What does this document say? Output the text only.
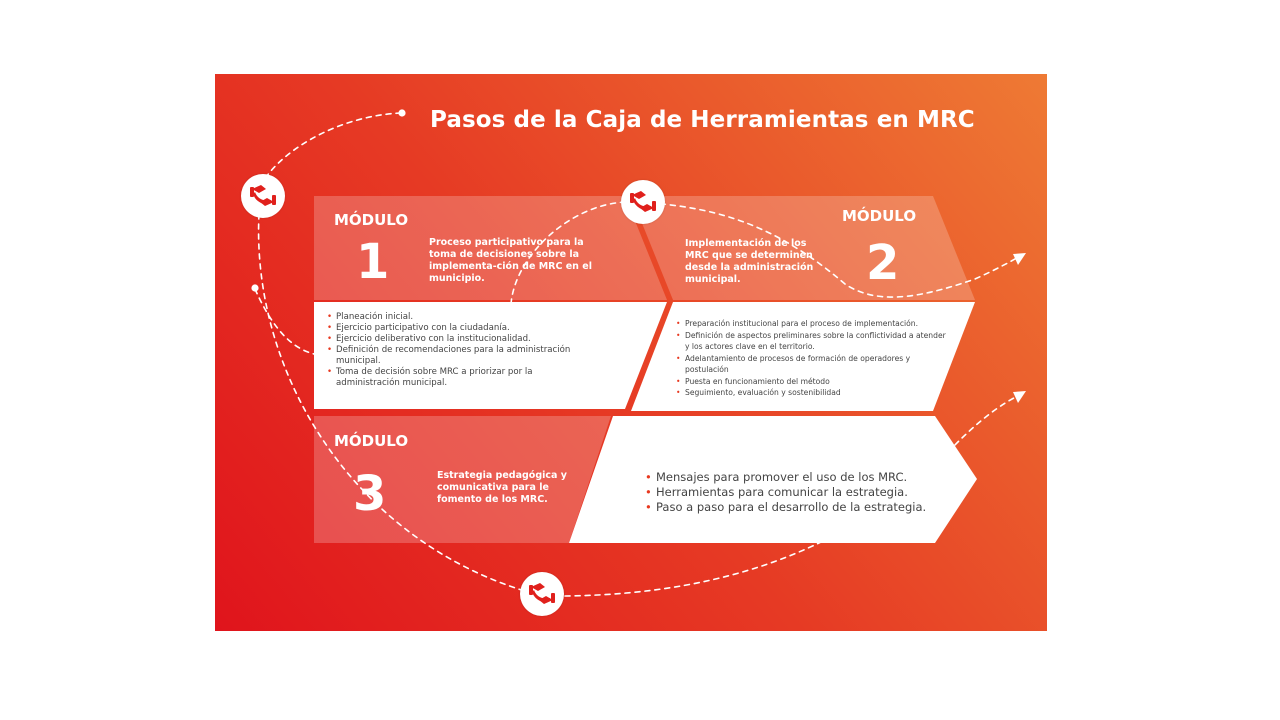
Pasos de la Caja de Herramientas en MRC
MÓDULO
1	Proceso participativo para la toma de decisiones sobre la implementa-ción de MRC en el municipio.
• Planeación inicial.
• Ejercicio participativo con la ciudadanía.
• Ejercicio deliberativo con la institucionalidad.
• Definición de recomendaciones para la administración municipal.
• Toma de decisión sobre MRC a priorizar por la administración municipal.
MÓDULO
2
Implementación de los MRC que se determinen desde la administración municipal.
• Preparación institucional para el proceso de implementación.
• Definición de aspectos preliminares sobre la conflictividad a atender y los actores clave en el territorio.
• Adelantamiento de procesos de formación de operadores y postulación
• Puesta en funcionamiento del método
• Seguimiento, evaluación y sostenibilidad
MÓDULO
3	Estrategia pedagógica y comunicativa para le fomento de los MRC.
• Mensajes para promover el uso de los MRC.
• Herramientas para comunicar la estrategia.
• Paso a paso para el desarrollo de la estrategia.
